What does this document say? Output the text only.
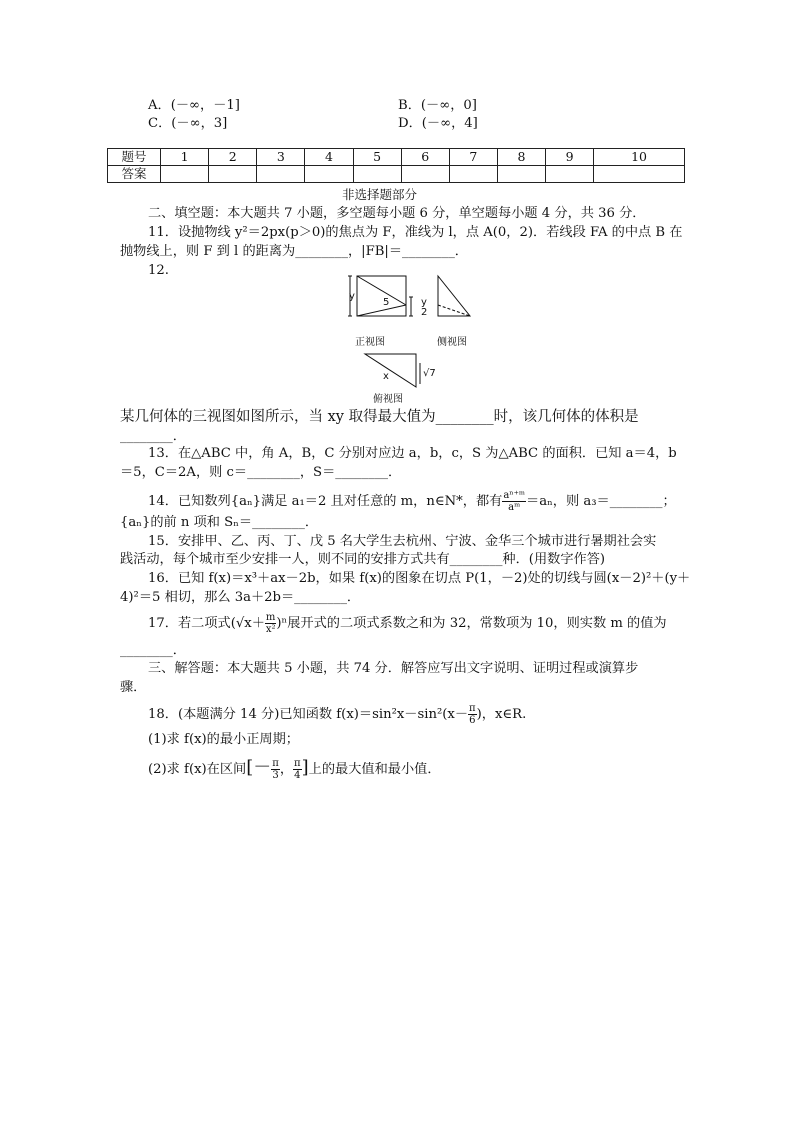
A．(－∞，－1]	B．(－∞，0]
C．(－∞，3]	D．(－∞，4]
题号	1	2	3	4	5	6	7	8	9	10
答案										
非选择题部分
二、填空题：本大题共 7 小题，多空题每小题 6 分，单空题每小题 4 分，共 36 分．
11．设抛物线 y²＝2px(p＞0)的焦点为 F，准线为 l，点 A(0，2)．若线段 FA 的中点 B 在
抛物线上，则 F 到 l 的距离为________，|FB|＝________．
12.
y
5	y
2
正视图	侧视图
x	√7
俯视图
某几何体的三视图如图所示，当 xy 取得最大值为________时，该几何体的体积是
________．
13．在△ABC 中，角 A，B，C 分别对应边 a，b，c，S 为△ABC 的面积．已知 a＝4，b
＝5，C＝2A，则 c＝________，S＝________．
14．已知数列{aₙ}满足 a₁＝2 且对任意的 m，n∈N*，都有 $\frac{\text{aⁿ⁺ᵐ}}{\text{aᵐ}} =a_n$，则 a₃＝________；
{aₙ}的前 n 项和 Sₙ＝________．
15．安排甲、乙、丙、丁、戊 5 名大学生去杭州、宁波、金华三个城市进行暑期社会实
践活动，每个城市至少安排一人，则不同的安排方式共有________种．(用数字作答)
16．已知 f(x)＝x³＋ax－2b，如果 f(x)的图象在切点 P(1，－2)处的切线与圆(x－2)²＋(y＋
4)²＝5 相切，那么 3a＋2b＝________．
17．若二项式$(√x+ \frac{m}{\text{x²}} )^n$展开式的二项式系数之和为 32，常数项为 10，则实数 m 的值为
________．
三、解答题：本大题共 5 小题，共 74 分．解答应写出文字说明、证明过程或演算步
骤．
18．(本题满分 14 分)已知函数 $f(x)=\sin^2x-\sin^2(x- \frac{\pi}{6}$ )，x∈R.
(1)求 f(x)的最小正周期；
(2)求 f(x)在区间[－ $\frac{\pi}{3}$ ， $\frac{\pi}{4}$ ]上的最大值和最小值．
